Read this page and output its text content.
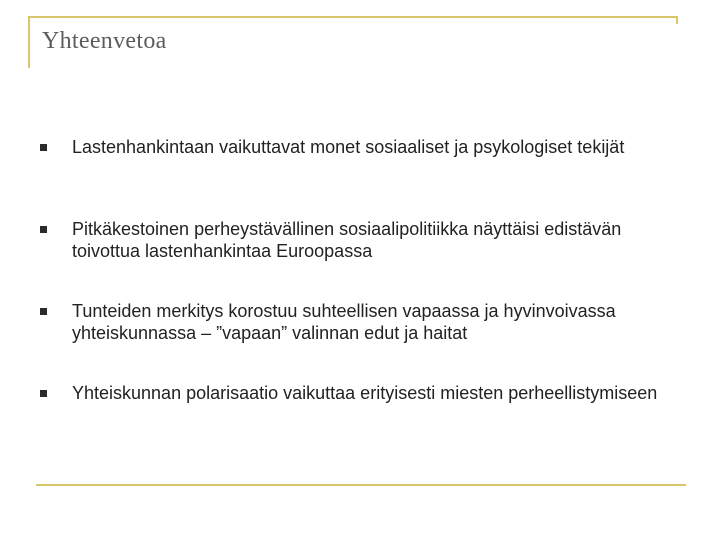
Yhteenvetoa
Lastenhankintaan vaikuttavat monet sosiaaliset ja psykologiset tekijät
Pitkäkestoinen perheystävällinen sosiaalipolitiikka näyttäisi edistävän toivottua lastenhankintaa Euroopassa
Tunteiden merkitys korostuu suhteellisen vapaassa ja hyvinvoivassa yhteiskunnassa – ”vapaan” valinnan edut ja haitat
Yhteiskunnan polarisaatio vaikuttaa erityisesti miesten perheellistymiseen
